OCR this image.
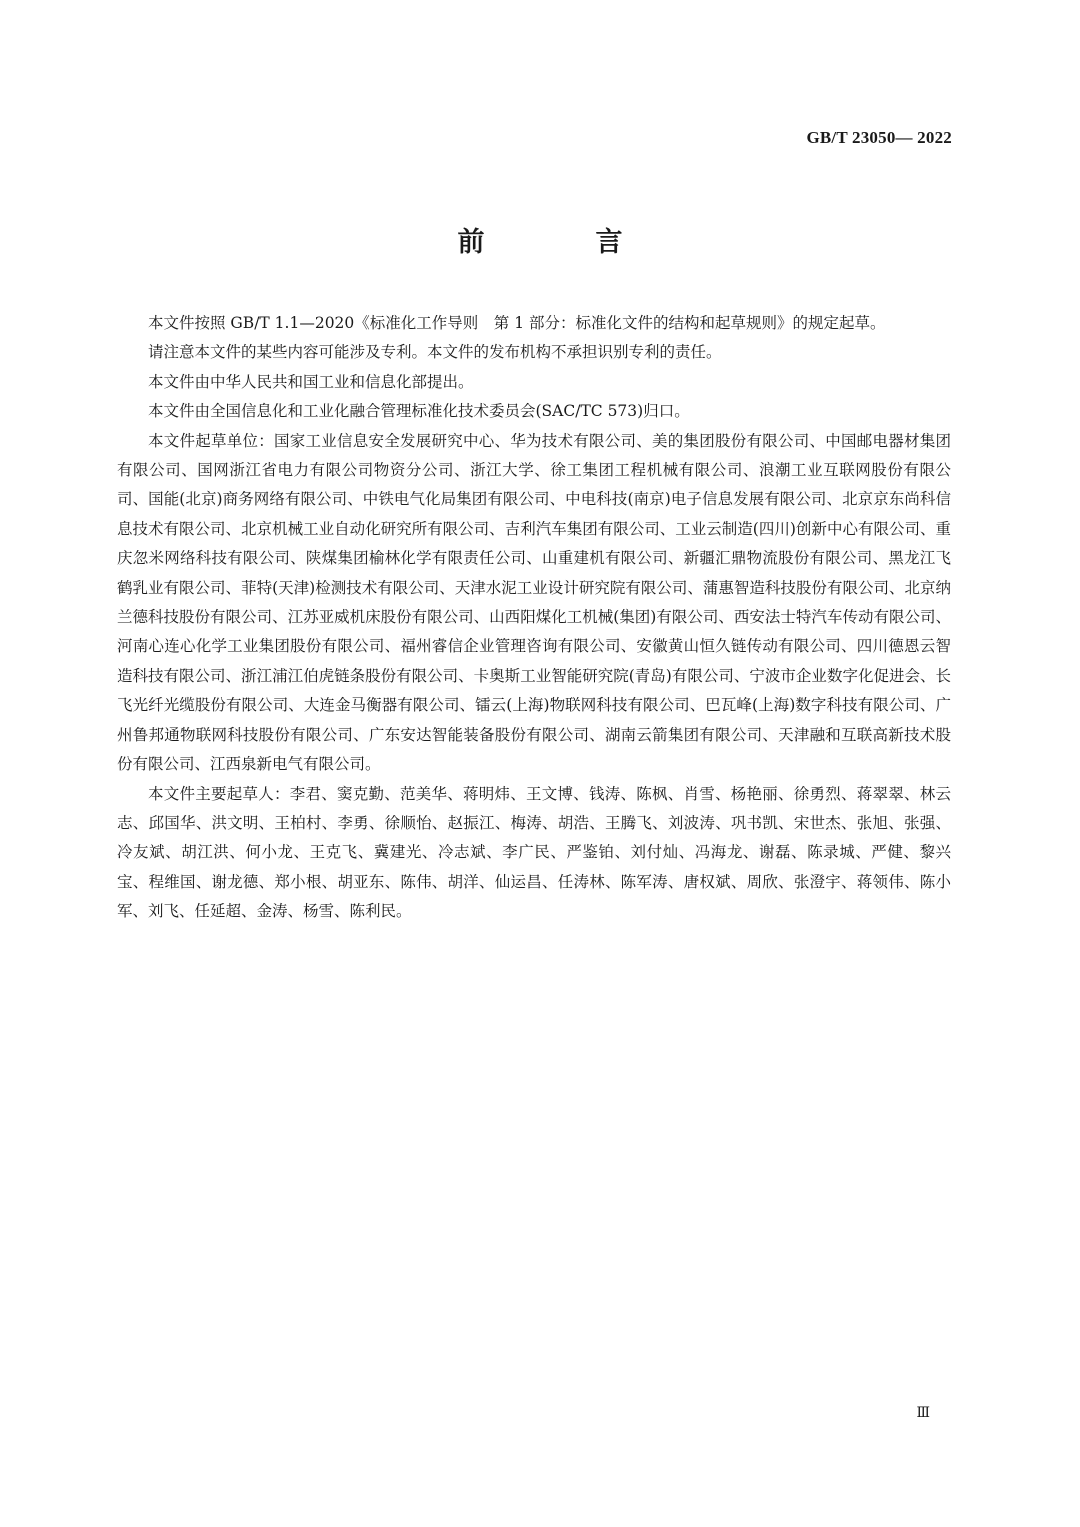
GB/T 23050— 2022
前　言

本文件按照 GB/T 1.1—2020《标准化工作导则　第 1 部分：标准化文件的结构和起草规则》的规定起草。

请注意本文件的某些内容可能涉及专利。本文件的发布机构不承担识别专利的责任。

本文件由中华人民共和国工业和信息化部提出。

本文件由全国信息化和工业化融合管理标准化技术委员会(SAC/TC 573)归口。

本文件起草单位：国家工业信息安全发展研究中心、华为技术有限公司、美的集团股份有限公司、中国邮电器材集团有限公司、国网浙江省电力有限公司物资分公司、浙江大学、徐工集团工程机械有限公司、浪潮工业互联网股份有限公司、国能(北京)商务网络有限公司、中铁电气化局集团有限公司、中电科技(南京)电子信息发展有限公司、北京京东尚科信息技术有限公司、北京机械工业自动化研究所有限公司、吉利汽车集团有限公司、工业云制造(四川)创新中心有限公司、重庆忽米网络科技有限公司、陕煤集团榆林化学有限责任公司、山重建机有限公司、新疆汇鼎物流股份有限公司、黑龙江飞鹤乳业有限公司、菲特(天津)检测技术有限公司、天津水泥工业设计研究院有限公司、蒲惠智造科技股份有限公司、北京纳兰德科技股份有限公司、江苏亚威机床股份有限公司、山西阳煤化工机械(集团)有限公司、西安法士特汽车传动有限公司、河南心连心化学工业集团股份有限公司、福州睿信企业管理咨询有限公司、安徽黄山恒久链传动有限公司、四川德恩云智造科技有限公司、浙江浦江伯虎链条股份有限公司、卡奥斯工业智能研究院(青岛)有限公司、宁波市企业数字化促进会、长飞光纤光缆股份有限公司、大连金马衡器有限公司、镭云(上海)物联网科技有限公司、巴瓦峰(上海)数字科技有限公司、广州鲁邦通物联网科技股份有限公司、广东安达智能装备股份有限公司、湖南云箭集团有限公司、天津融和互联高新技术股份有限公司、江西泉新电气有限公司。

本文件主要起草人：李君、窦克勤、范美华、蒋明炜、王文博、钱涛、陈枫、肖雪、杨艳丽、徐勇烈、蒋翠翠、林云志、邱国华、洪文明、王柏村、李勇、徐顺怡、赵振江、梅涛、胡浩、王腾飞、刘波涛、巩书凯、宋世杰、张旭、张强、冷友斌、胡江洪、何小龙、王克飞、冀建光、冷志斌、李广民、严鉴铂、刘付灿、冯海龙、谢磊、陈录城、严健、黎兴宝、程维国、谢龙德、郑小根、胡亚东、陈伟、胡洋、仙运昌、任涛林、陈军涛、唐权斌、周欣、张澄宇、蒋领伟、陈小军、刘飞、任延超、金涛、杨雪、陈利民。

Ⅲ
